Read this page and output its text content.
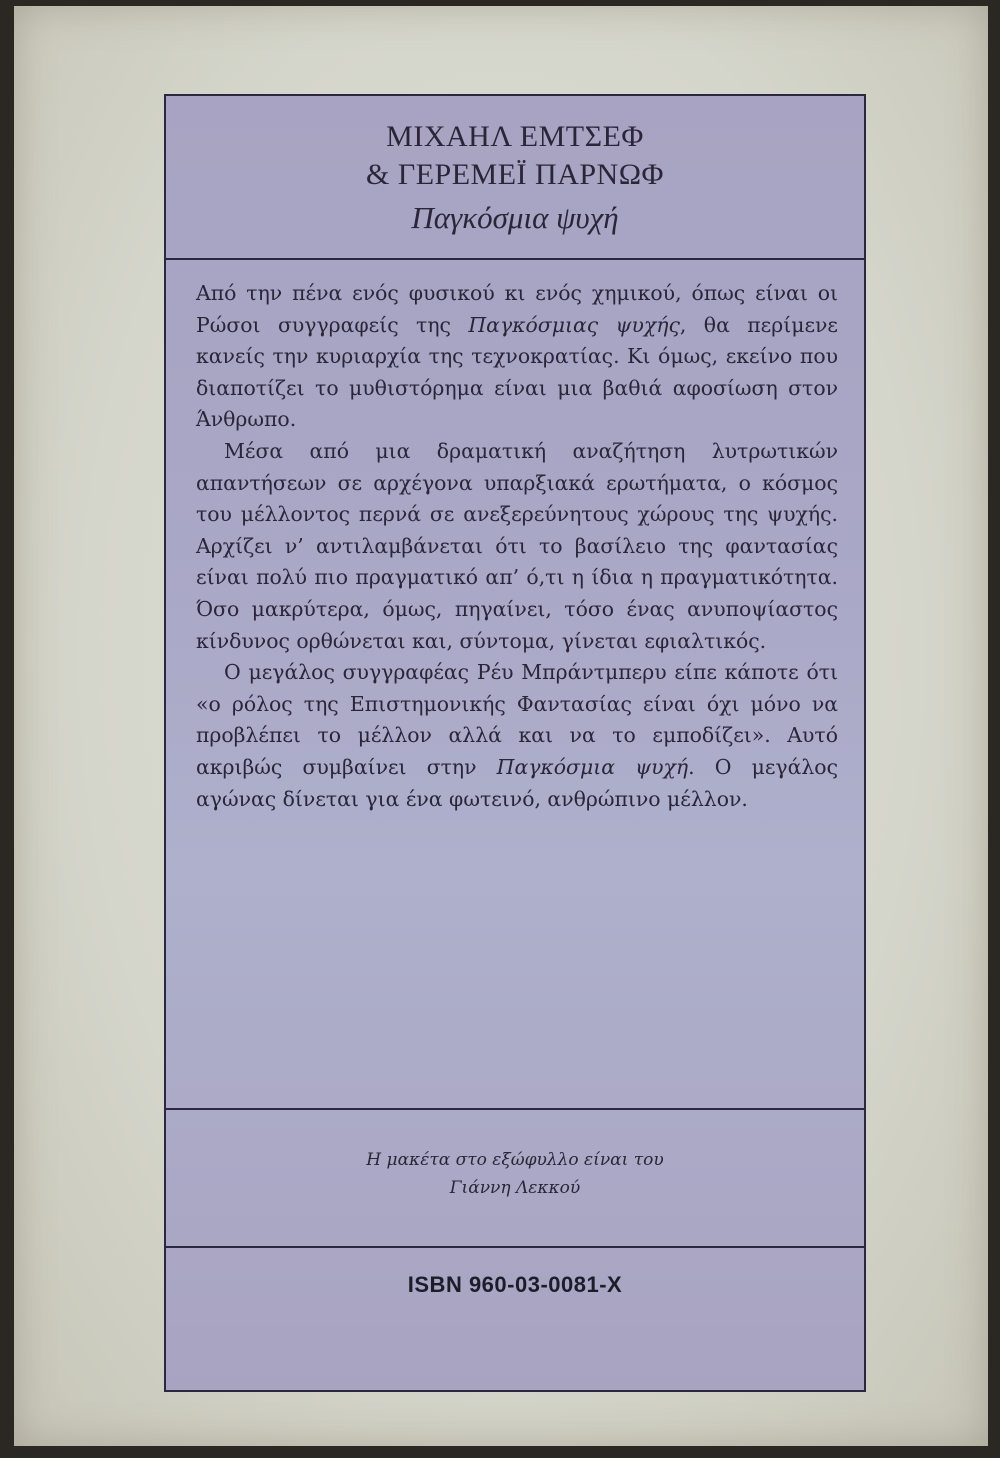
ΜΙΧΑΗΛ ΕΜΤΣΕΦ
& ΓΕΡΕΜΕΪ ΠΑΡΝΩΦ
Παγκόσμια ψυχή

Από την πένα ενός φυσικού κι ενός χημικού, όπως είναι οι Ρώσοι συγγραφείς της Παγκόσμιας ψυχής, θα περίμενε κανείς την κυριαρχία της τεχνοκρατίας. Κι όμως, εκείνο που διαποτίζει το μυθιστόρημα είναι μια βαθιά αφοσίωση στον Άνθρωπο.

Μέσα από μια δραματική αναζήτηση λυτρωτικών απαντήσεων σε αρχέγονα υπαρξιακά ερωτήματα, ο κόσμος του μέλλοντος περνά σε ανεξερεύνητους χώρους της ψυχής. Αρχίζει ν’ αντιλαμβάνεται ότι το βασίλειο της φαντασίας είναι πολύ πιο πραγματικό απ’ ό,τι η ίδια η πραγματικότητα. Όσο μακρύτερα, όμως, πηγαίνει, τόσο ένας ανυποψίαστος κίνδυνος ορθώνεται και, σύντομα, γίνεται εφιαλτικός.

Ο μεγάλος συγγραφέας Ρέυ Μπράντμπερυ είπε κάποτε ότι «ο ρόλος της Επιστημονικής Φαντασίας είναι όχι μόνο να προβλέπει το μέλλον αλλά και να το εμποδίζει». Αυτό ακριβώς συμβαίνει στην Παγκόσμια ψυχή. Ο μεγάλος αγώνας δίνεται για ένα φωτεινό, ανθρώπινο μέλλον.

Η μακέτα στο εξώφυλλο είναι του
Γιάννη Λεκκού
ISBN 960-03-0081-X
